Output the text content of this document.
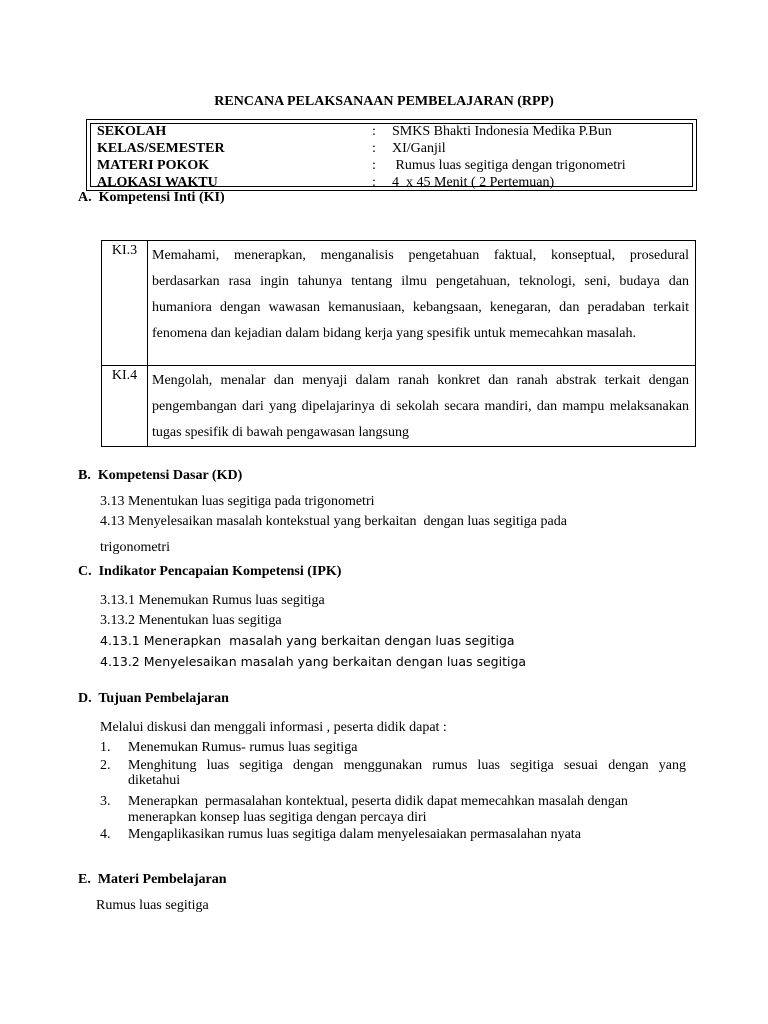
RENCANA PELAKSANAAN PEMBELAJARAN (RPP)
SEKOLAH	: SMKS Bhakti Indonesia Medika P.Bun
KELAS/SEMESTER	: XI/Ganjil
MATERI POKOK	: Rumus luas segitiga dengan trigonometri
ALOKASI WAKTU	: 4  x 45 Menit ( 2 Pertemuan)
A.  Kompetensi Inti (KI)
KI.3	Memahami, menerapkan, menganalisis pengetahuan faktual, konseptual, prosedural berdasarkan rasa ingin tahunya tentang ilmu pengetahuan, teknologi, seni, budaya dan humaniora dengan wawasan kemanusiaan, kebangsaan, kenegaran, dan peradaban terkait fenomena dan kejadian dalam bidang kerja yang spesifik untuk memecahkan masalah.
KI.4	Mengolah, menalar dan menyaji dalam ranah konkret dan ranah abstrak terkait dengan pengembangan dari yang dipelajarinya di sekolah secara mandiri, dan mampu melaksanakan tugas spesifik di bawah pengawasan langsung
B.  Kompetensi Dasar (KD)
3.13 Menentukan luas segitiga pada trigonometri
4.13 Menyelesaikan masalah kontekstual yang berkaitan  dengan luas segitiga pada
trigonometri
C.  Indikator Pencapaian Kompetensi (IPK)
3.13.1 Menemukan Rumus luas segitiga
3.13.2 Menentukan luas segitiga
4.13.1 Menerapkan  masalah yang berkaitan dengan luas segitiga
4.13.2 Menyelesaikan masalah yang berkaitan dengan luas segitiga
D.  Tujuan Pembelajaran
Melalui diskusi dan menggali informasi , peserta didik dapat :
1. Menemukan Rumus- rumus luas segitiga
2. Menghitung luas segitiga dengan menggunakan rumus luas segitiga sesuai dengan yang
diketahui
3. Menerapkan  permasalahan kontektual, peserta didik dapat memecahkan masalah dengan
menerapkan konsep luas segitiga dengan percaya diri
4. Mengaplikasikan rumus luas segitiga dalam menyelesaiakan permasalahan nyata
E.  Materi Pembelajaran
Rumus luas segitiga
